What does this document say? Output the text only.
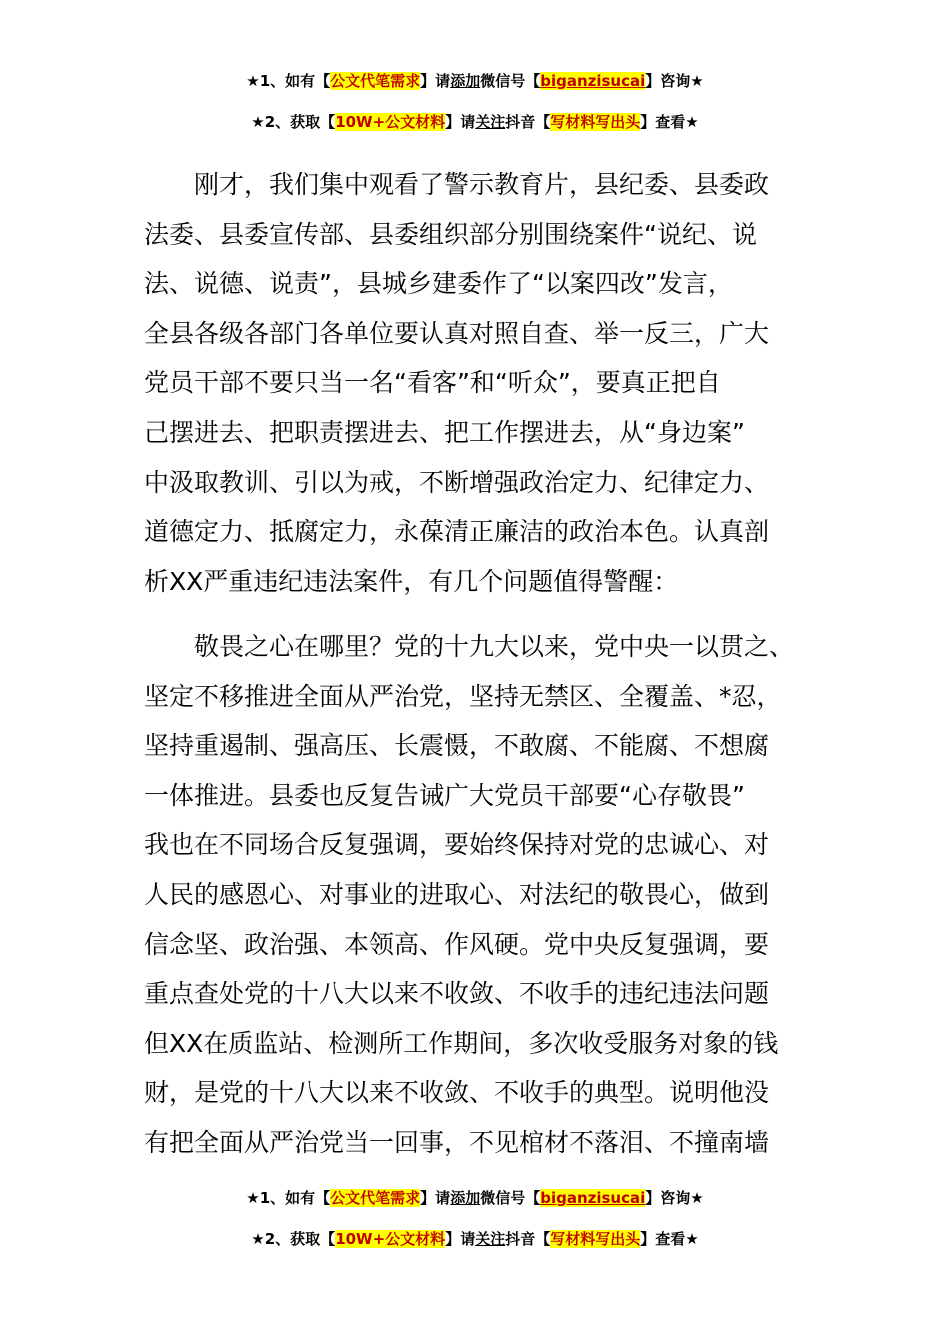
★1、如有【公文代笔需求】请添加微信号【biganzisucai】咨询★
★2、获取【10W+公文材料】请关注抖音【写材料写出头】查看★
刚才，我们集中观看了警示教育片，县纪委、县委政
法委、县委宣传部、县委组织部分别围绕案件“说纪、说
法、说德、说责”，县城乡建委作了“以案四改”发言，
全县各级各部门各单位要认真对照自查、举一反三，广大
党员干部不要只当一名“看客”和“听众”，要真正把自
己摆进去、把职责摆进去、把工作摆进去，从“身边案”
中汲取教训、引以为戒，不断增强政治定力、纪律定力、
道德定力、抵腐定力，永葆清正廉洁的政治本色。认真剖
析XX严重违纪违法案件，有几个问题值得警醒：
敬畏之心在哪里？党的十九大以来，党中央一以贯之、
坚定不移推进全面从严治党，坚持无禁区、全覆盖、*忍，
坚持重遏制、强高压、长震慑，不敢腐、不能腐、不想腐
一体推进。县委也反复告诫广大党员干部要“心存敬畏”
我也在不同场合反复强调，要始终保持对党的忠诚心、对
人民的感恩心、对事业的进取心、对法纪的敬畏心，做到
信念坚、政治强、本领高、作风硬。党中央反复强调，要
重点查处党的十八大以来不收敛、不收手的违纪违法问题
但XX在质监站、检测所工作期间，多次收受服务对象的钱
财，是党的十八大以来不收敛、不收手的典型。说明他没
有把全面从严治党当一回事，不见棺材不落泪、不撞南墙
★1、如有【公文代笔需求】请添加微信号【biganzisucai】咨询★
★2、获取【10W+公文材料】请关注抖音【写材料写出头】查看★
